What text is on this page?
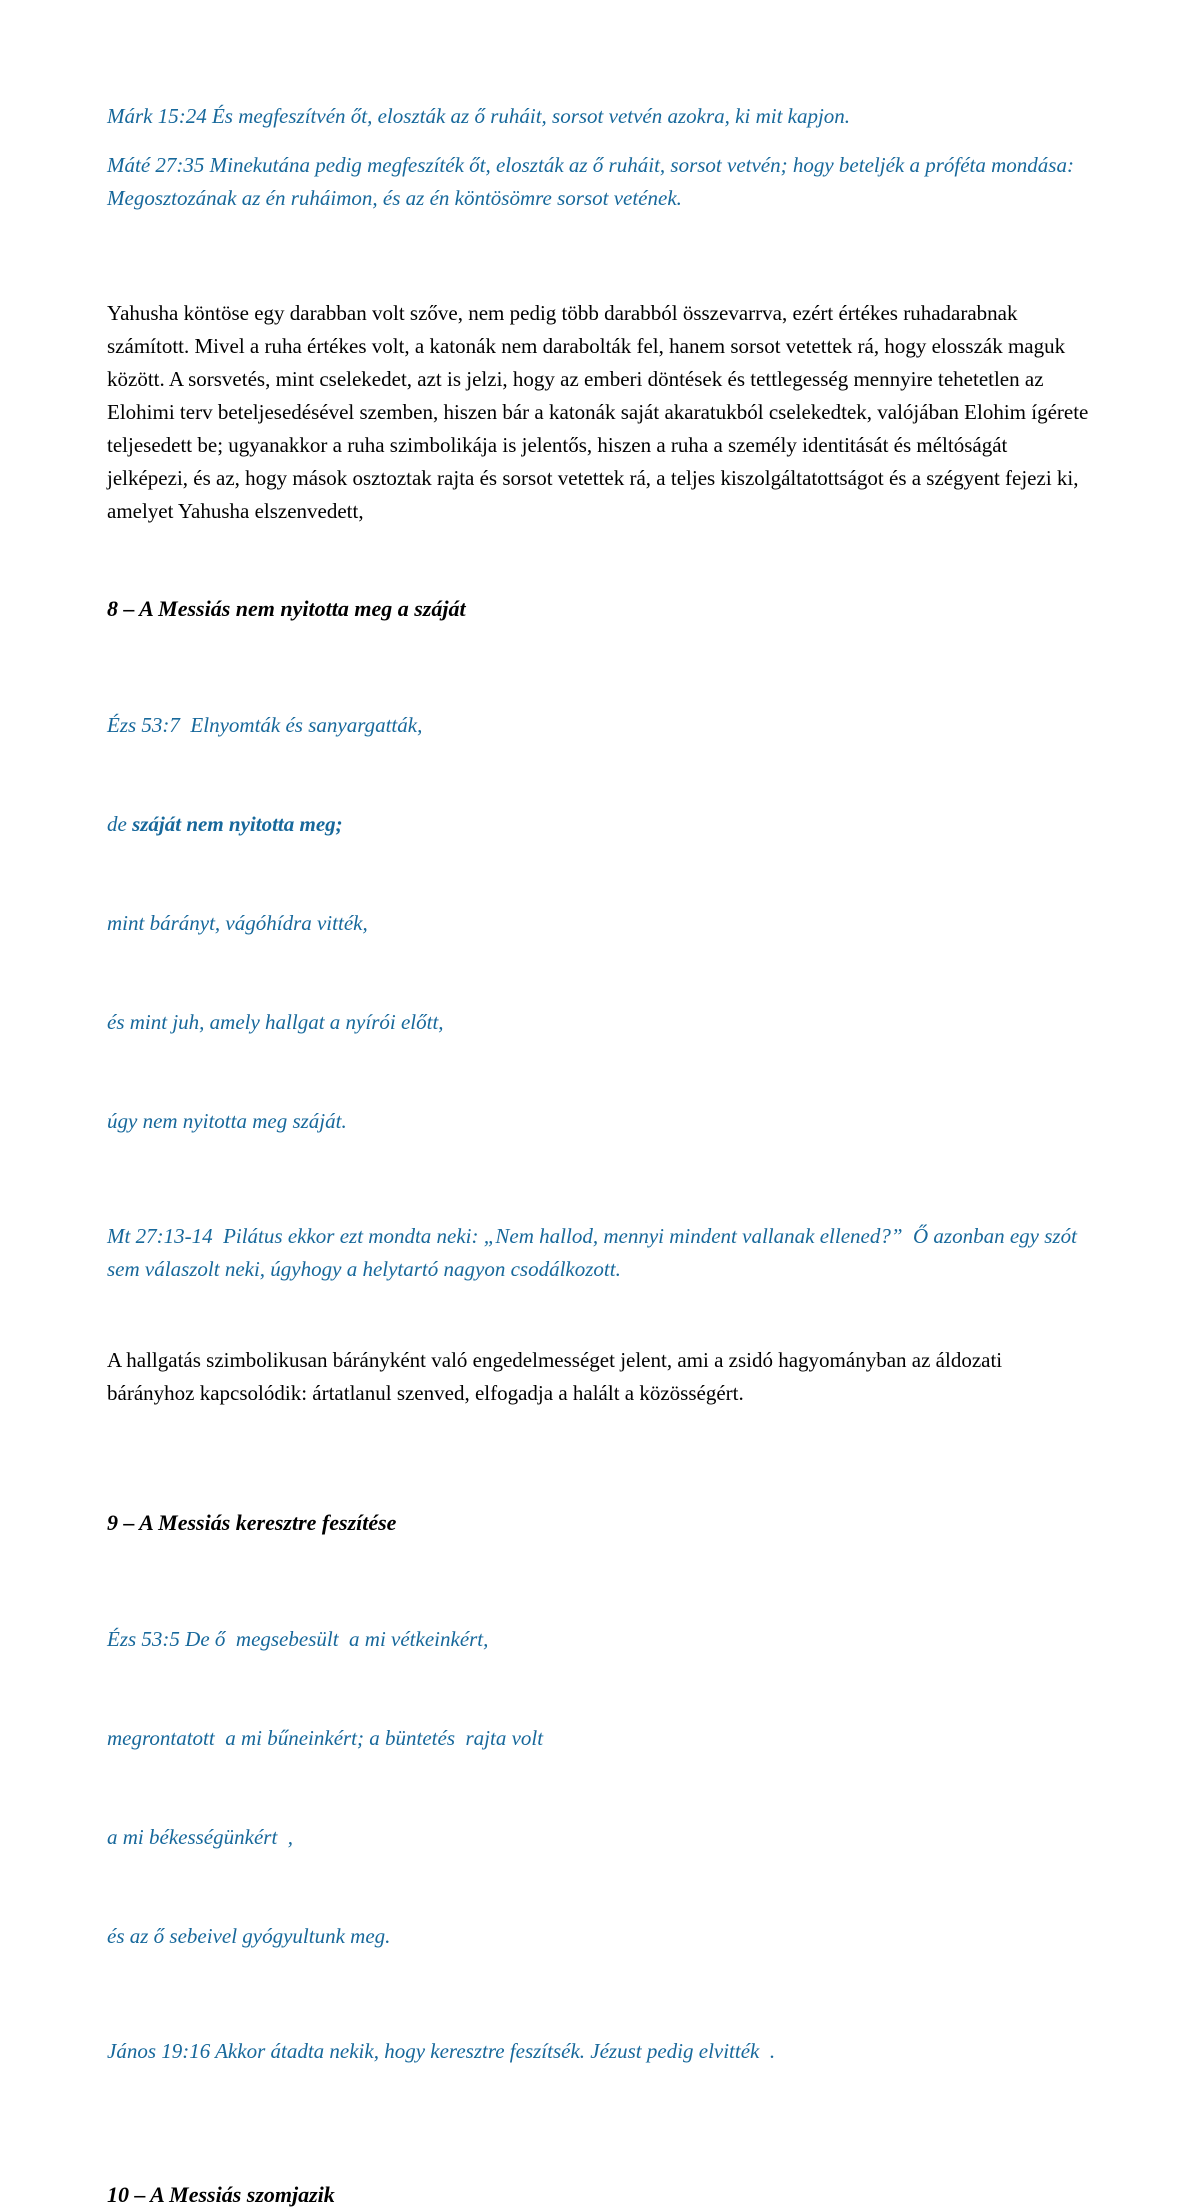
Márk 15:24 És megfeszítvén őt, eloszták az ő ruháit, sorsot vetvén azokra, ki mit kapjon.

Máté 27:35 Minekutána pedig megfeszíték őt, eloszták az ő ruháit, sorsot vetvén; hogy beteljék a próféta mondása: Megosztozának az én ruháimon, és az én köntösömre sorsot vetének.

Yahusha köntöse egy darabban volt szőve, nem pedig több darabból összevarrva, ezért értékes ruhadarabnak számított. Mivel a ruha értékes volt, a katonák nem darabolták fel, hanem sorsot vetettek rá, hogy elosszák maguk között. A sorsvetés, mint cselekedet, azt is jelzi, hogy az emberi döntések és tettlegesség mennyire tehetetlen az Elohimi terv beteljesedésével szemben, hiszen bár a katonák saját akaratukból cselekedtek, valójában Elohim ígérete teljesedett be; ugyanakkor a ruha szimbolikája is jelentős, hiszen a ruha a személy identitását és méltóságát jelképezi, és az, hogy mások osztoztak rajta és sorsot vetettek rá, a teljes kiszolgáltatottságot és a szégyent fejezi ki, amelyet Yahusha elszenvedett,

8 – A Messiás nem nyitotta meg a száját

Ézs 53:7  Elnyomták és sanyargatták,

de száját nem nyitotta meg;

mint bárányt, vágóhídra vitték,

és mint juh, amely hallgat a nyírói előtt,

úgy nem nyitotta meg száját.

Mt 27:13-14  Pilátus ekkor ezt mondta neki: „Nem hallod, mennyi mindent vallanak ellened?”  Ő azonban egy szót sem válaszolt neki, úgyhogy a helytartó nagyon csodálkozott.

A hallgatás szimbolikusan bárányként való engedelmességet jelent, ami a zsidó hagyományban az áldozati bárányhoz kapcsolódik: ártatlanul szenved, elfogadja a halált a közösségért.

9 – A Messiás keresztre feszítése

Ézs 53:5 De ő  megsebesült  a mi vétkeinkért,

megrontatott  a mi bűneinkért; a büntetés  rajta volt

a mi békességünkért  ,

és az ő sebeivel gyógyultunk meg.

János 19:16 Akkor átadta nekik, hogy keresztre feszítsék. Jézust pedig elvitték  .

10 – A Messiás szomjazik
